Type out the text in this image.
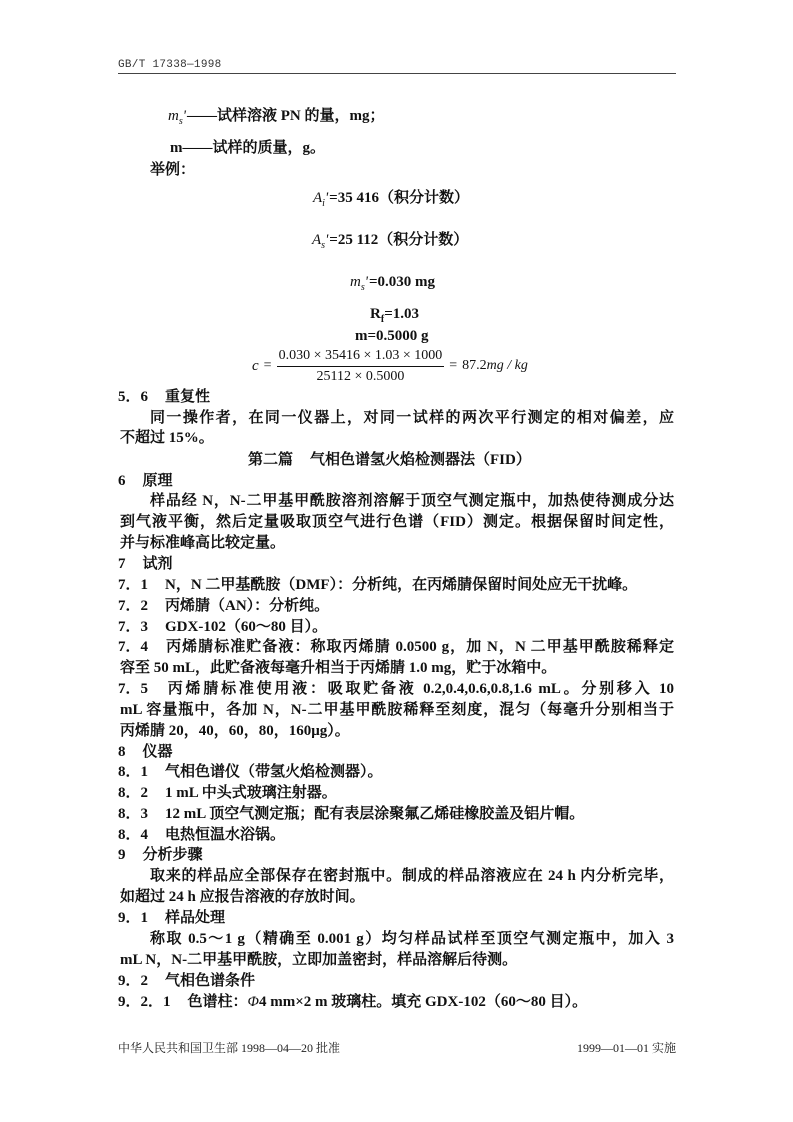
GB/T 17338—1998
$m_s'——$试样溶液 PN 的量，mg；
m——试样的质量，g。
举例：
$A_i'=35$ 416（积分计数）
$A_s'=25$ 112（积分计数）
$m_s'=0.030$ mg
$R_f=1.03$
m=0.5000 g
$c = \frac{0.030 \times 35416 \times 1.03 \times 1000}{25112 \times 0.5000} = 87.2$ mg / kg
5．6 重复性
同一操作者，在同一仪器上，对同一试样的两次平行测定的相对偏差，应
不超过 15%。
第二篇 气相色谱氢火焰检测器法（FID）
6 原理
样品经 N，N-二甲基甲酰胺溶剂溶解于顶空气测定瓶中，加热使待测成分达
到气液平衡，然后定量吸取顶空气进行色谱（FID）测定。根据保留时间定性，
并与标准峰高比较定量。
7 试剂
7．1 N，N 二甲基酰胺（DMF）：分析纯，在丙烯腈保留时间处应无干扰峰。
7．2 丙烯腈（AN）：分析纯。
7．3 GDX-102（60～80 目）。
7．4 丙烯腈标准贮备液：称取丙烯腈 0.0500 g，加 N，N 二甲基甲酰胺稀释定
容至 50 mL，此贮备液每毫升相当于丙烯腈 1.0 mg，贮于冰箱中。
7．5 丙烯腈标准使用液：吸取贮备液 0.2,0.4,0.6,0.8,1.6 mL。分别移入 10
mL 容量瓶中，各加 N，N-二甲基甲酰胺稀释至刻度，混匀（每毫升分别相当于
丙烯腈 20，40，60，80，160μg）。
8 仪器
8．1 气相色谱仪（带氢火焰检测器）。
8．2 1 mL 中头式玻璃注射器。
8．3 12 mL 顶空气测定瓶；配有表层涂聚氟乙烯硅橡胶盖及铝片帽。
8．4 电热恒温水浴锅。
9 分析步骤
取来的样品应全部保存在密封瓶中。制成的样品溶液应在 24 h 内分析完毕，
如超过 24 h 应报告溶液的存放时间。
9．1 样品处理
称取 0.5～1 g（精确至 0.001 g）均匀样品试样至顶空气测定瓶中，加入 3
mL N，N-二甲基甲酰胺，立即加盖密封，样品溶解后待测。
9．2 气相色谱条件
9．2．1 色谱柱：Φ4 mm×2 m 玻璃柱。填充 GDX-102（60～80 目）。
中华人民共和国卫生部 1998—04—20 批准	1999—01—01 实施
